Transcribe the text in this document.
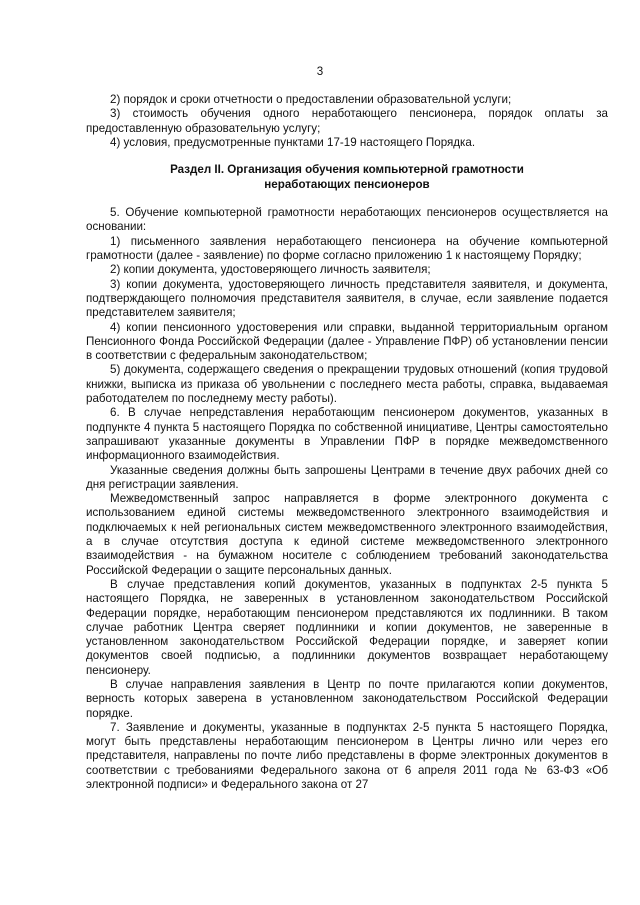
3

2) порядок и сроки отчетности о предоставлении образовательной услуги;

3) стоимость обучения одного неработающего пенсионера, порядок оплаты за предоставленную образовательную услугу;

4) условия, предусмотренные пунктами 17-19 настоящего Порядка.

Раздел II. Организация обучения компьютерной грамотности
неработающих пенсионеров

5. Обучение компьютерной грамотности неработающих пенсионеров осуществляется на основании:

1) письменного заявления неработающего пенсионера на обучение компьютерной грамотности (далее - заявление) по форме согласно приложению 1 к настоящему Порядку;

2) копии документа, удостоверяющего личность заявителя;

3) копии документа, удостоверяющего личность представителя заявителя, и документа, подтверждающего полномочия представителя заявителя, в случае, если заявление подается представителем заявителя;

4) копии пенсионного удостоверения или справки, выданной территориальным органом Пенсионного Фонда Российской Федерации (далее - Управление ПФР) об установлении пенсии в соответствии с федеральным законодательством;

5) документа, содержащего сведения о прекращении трудовых отношений (копия трудовой книжки, выписка из приказа об увольнении с последнего места работы, справка, выдаваемая работодателем по последнему месту работы).

6. В случае непредставления неработающим пенсионером документов, указанных в подпункте 4 пункта 5 настоящего Порядка по собственной инициативе, Центры самостоятельно запрашивают указанные документы в Управлении ПФР в порядке межведомственного информационного взаимодействия.

Указанные сведения должны быть запрошены Центрами в течение двух рабочих дней со дня регистрации заявления.

Межведомственный запрос направляется в форме электронного документа с использованием единой системы межведомственного электронного взаимодействия и подключаемых к ней региональных систем межведомственного электронного взаимодействия, а в случае отсутствия доступа к единой системе межведомственного электронного взаимодействия - на бумажном носителе с соблюдением требований законодательства Российской Федерации о защите персональных данных.

В случае представления копий документов, указанных в подпунктах 2-5 пункта 5 настоящего Порядка, не заверенных в установленном законодательством Российской Федерации порядке, неработающим пенсионером представляются их подлинники. В таком случае работник Центра сверяет подлинники и копии документов, не заверенные в установленном законодательством Российской Федерации порядке, и заверяет копии документов своей подписью, а подлинники документов возвращает неработающему пенсионеру.

В случае направления заявления в Центр по почте прилагаются копии документов, верность которых заверена в установленном законодательством Российской Федерации порядке.

7. Заявление и документы, указанные в подпунктах 2-5 пункта 5 настоящего Порядка, могут быть представлены неработающим пенсионером в Центры лично или через его представителя, направлены по почте либо представлены в форме электронных документов в соответствии с требованиями Федерального закона от 6 апреля 2011 года № 63-ФЗ «Об электронной подписи» и Федерального закона от 27
